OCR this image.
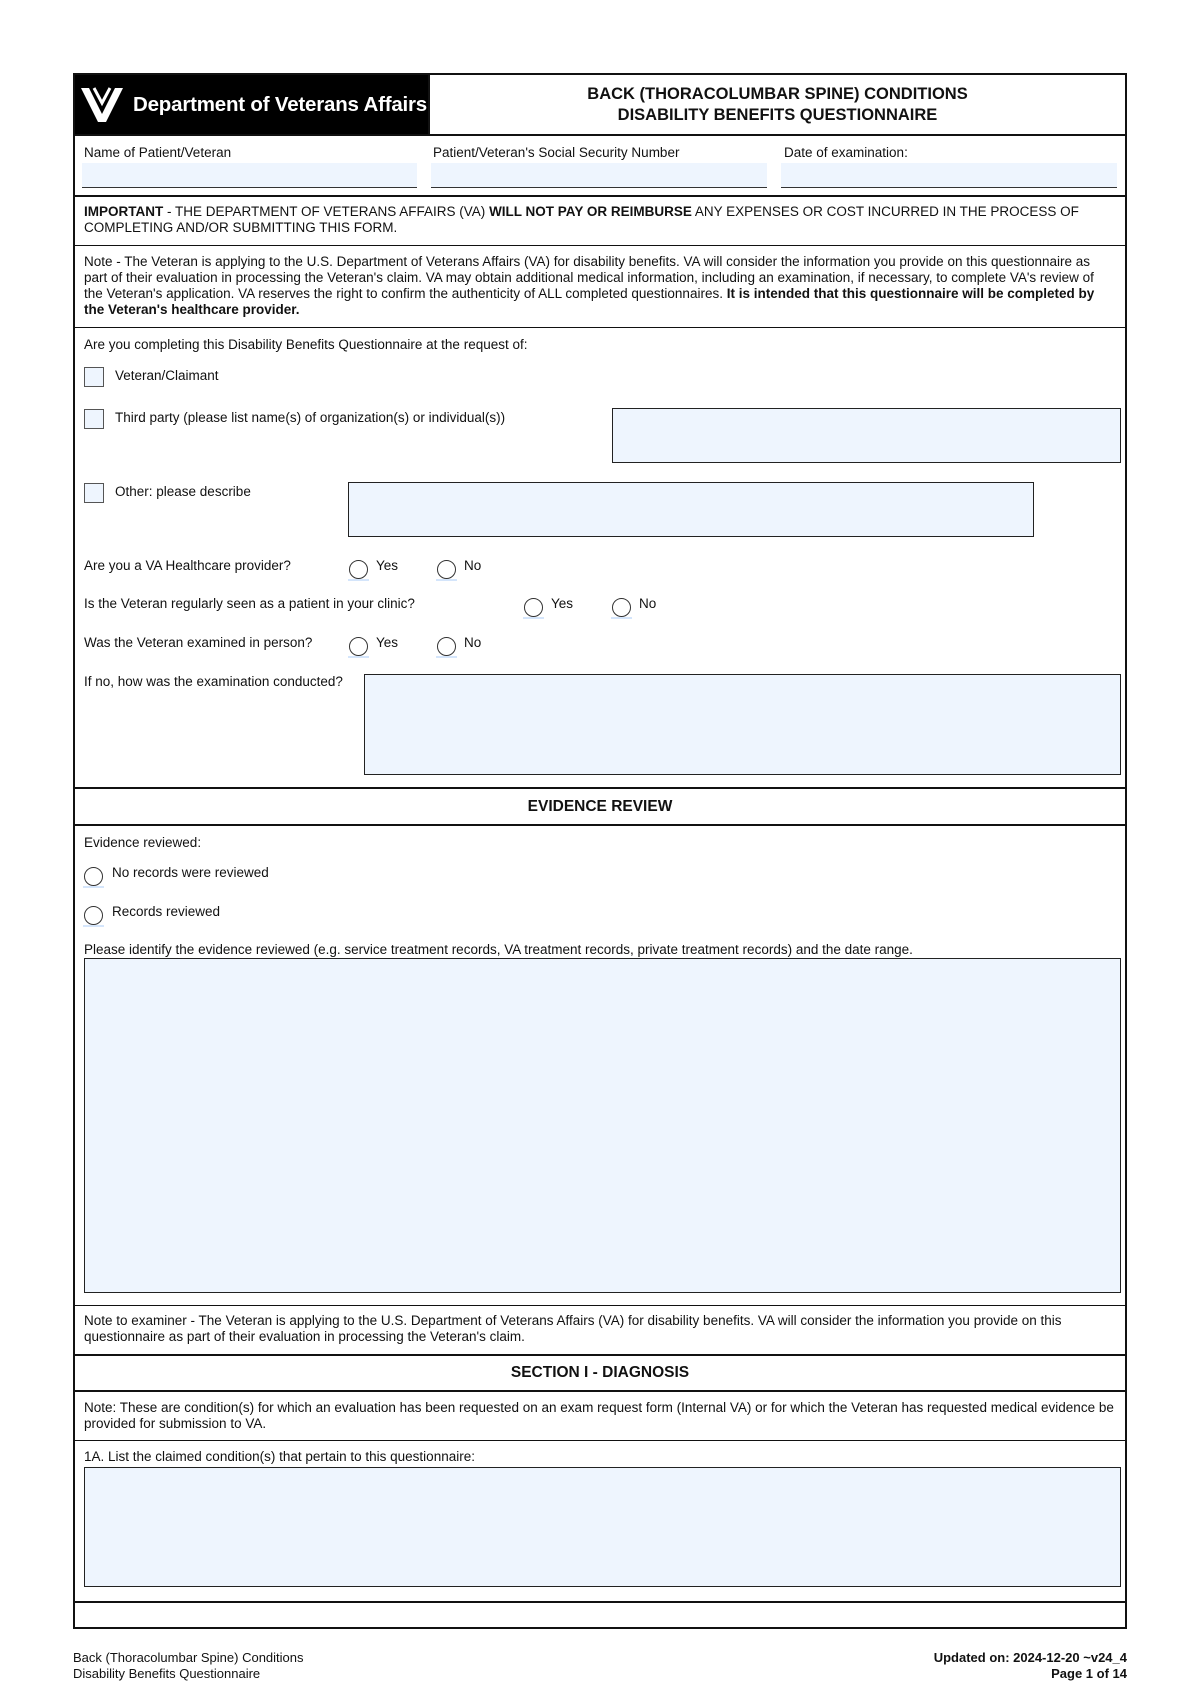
Department of Veterans Affairs	BACK (THORACOLUMBAR SPINE) CONDITIONS
DISABILITY BENEFITS QUESTIONNAIRE
Name of Patient/Veteran	Patient/Veteran's Social Security Number	Date of examination:
IMPORTANT - THE DEPARTMENT OF VETERANS AFFAIRS (VA) WILL NOT PAY OR REIMBURSE ANY EXPENSES OR COST INCURRED IN THE PROCESS OF COMPLETING AND/OR SUBMITTING THIS FORM.
Note - The Veteran is applying to the U.S. Department of Veterans Affairs (VA) for disability benefits. VA will consider the information you provide on this questionnaire as part of their evaluation in processing the Veteran's claim. VA may obtain additional medical information, including an examination, if necessary, to complete VA's review of the Veteran's application. VA reserves the right to confirm the authenticity of ALL completed questionnaires. It is intended that this questionnaire will be completed by the Veteran's healthcare provider.
Are you completing this Disability Benefits Questionnaire at the request of:
Veteran/Claimant
Third party (please list name(s) of organization(s) or individual(s))
Other: please describe
Are you a VA Healthcare provider?	Yes	No
Is the Veteran regularly seen as a patient in your clinic?	Yes	No
Was the Veteran examined in person?	Yes	No
If no, how was the examination conducted?
EVIDENCE REVIEW
Evidence reviewed:
No records were reviewed
Records reviewed
Please identify the evidence reviewed (e.g. service treatment records, VA treatment records, private treatment records) and the date range.
Note to examiner - The Veteran is applying to the U.S. Department of Veterans Affairs (VA) for disability benefits. VA will consider the information you provide on this questionnaire as part of their evaluation in processing the Veteran's claim.
SECTION I - DIAGNOSIS
Note: These are condition(s) for which an evaluation has been requested on an exam request form (Internal VA) or for which the Veteran has requested medical evidence be provided for submission to VA.
1A. List the claimed condition(s) that pertain to this questionnaire:
Back (Thoracolumbar Spine) Conditions
Disability Benefits Questionnaire
Updated on: 2024-12-20 ~v24_4
Page 1 of 14
